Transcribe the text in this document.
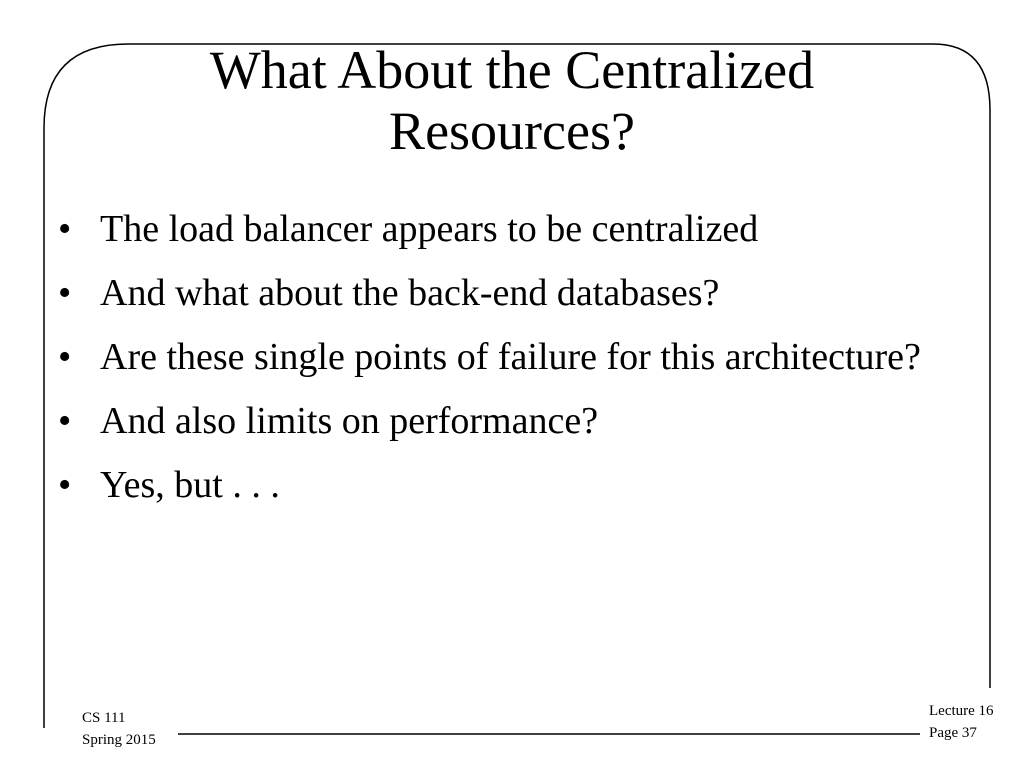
What About the Centralized
Resources?
• The load balancer appears to be centralized
• And what about the back-end databases?
• Are these single points of failure for this architecture?
• And also limits on performance?
• Yes, but . . .
CS 111
Spring 2015
Lecture 16
Page 37
